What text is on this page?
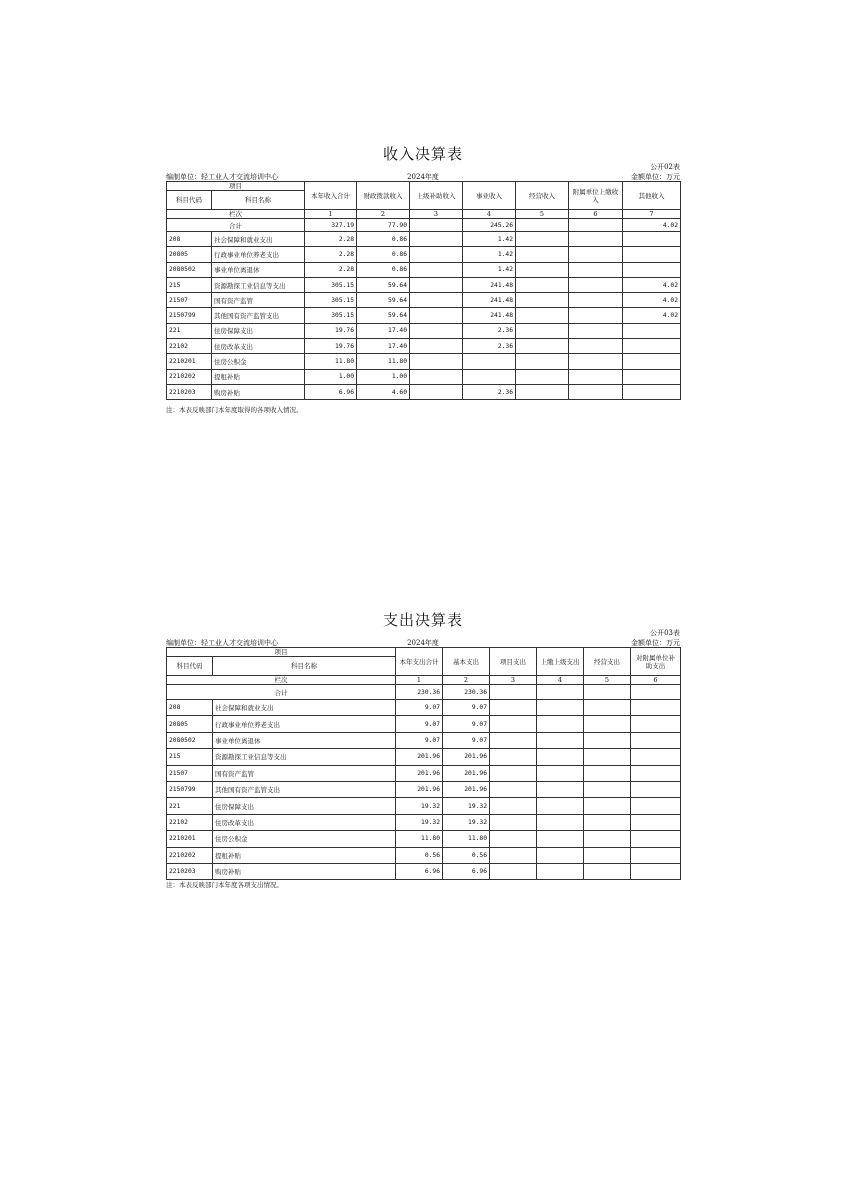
收入决算表
公开02表
编制单位：轻工业人才交流培训中心	2024年度	金额单位：万元
项目		本年收入合计	财政拨款收入	上级补助收入	事业收入	经营收入	附属单位上缴收入	其他收入
科目代码	科目名称							
栏次		1	2	3	4	5	6	7
合计		327.19	77.90		245.26			4.02
208	社会保障和就业支出	2.28	0.86		1.42			
20805	行政事业单位养老支出	2.28	0.86		1.42			
2080502	事业单位离退休	2.28	0.86		1.42			
215	资源勘探工业信息等支出	305.15	59.64		241.48			4.02
21507	国有资产监管	305.15	59.64		241.48			4.02
2150799	其他国有资产监管支出	305.15	59.64		241.48			4.02
221	住房保障支出	19.76	17.40		2.36			
22102	住房改革支出	19.76	17.40		2.36			
2210201	住房公积金	11.80	11.80					
2210202	提租补贴	1.00	1.00					
2210203	购房补贴	6.96	4.60		2.36			
注：本表反映部门本年度取得的各项收入情况。
支出决算表
公开03表
编制单位：轻工业人才交流培训中心	2024年度	金额单位：万元
项目		本年支出合计	基本支出	项目支出	上缴上级支出	经营支出	对附属单位补助支出
科目代码	科目名称						
栏次		1	2	3	4	5	6
合计		230.36	230.36				
208	社会保障和就业支出	9.07	9.07				
20805	行政事业单位养老支出	9.07	9.07				
2080502	事业单位离退休	9.07	9.07				
215	资源勘探工业信息等支出	201.96	201.96				
21507	国有资产监管	201.96	201.96				
2150799	其他国有资产监管支出	201.96	201.96				
221	住房保障支出	19.32	19.32				
22102	住房改革支出	19.32	19.32				
2210201	住房公积金	11.80	11.80				
2210202	提租补贴	0.56	0.56				
2210203	购房补贴	6.96	6.96				
注：本表反映部门本年度各项支出情况。
